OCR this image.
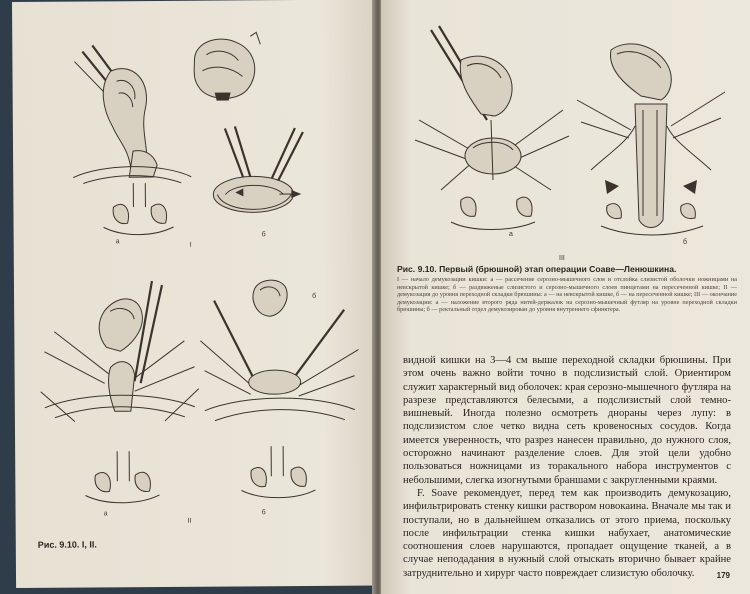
а
б
I
а
б
б
II
Рис. 9.10. I, II.
а
б
III
Рис. 9.10. Первый (брюшной) этап операции Соаве—Ленюшкина.
I — начало демукозации кишки: а — рассечение серозно-мышечного слоя и отслойка слизистой оболочки ножницами на невскрытой кишке; б — раздвиженые слизистого и серозно-мышечного слоев пинцетами на пересеченной кишке; II — демукозация до уровня переходной складки брюшины: а — на невскрытой кишке, б — на пересеченной кишке; III — окончание демукозации: а — наложение второго ряда нитей-держалок на серозно-мышечный футляр на уровне переходной складки брюшины; б — ректальный отдел демукозирован до уровня внутреннего сфинктера.

видной кишки на 3—4 см выше переходной складки брюшины. При этом очень важно войти точно в подслизистый слой. Ориентиром служит характерный вид оболочек: края серозно-мышечного футляра на разрезе представляются белесыми, а подслизистый слой темно-вишневый. Иногда полезно осмотреть днораны через лупу: в подслизистом слое четко видна сеть кровеносных сосудов. Когда имеется уверенность, что разрез нанесен правильно, до нужного слоя, осторожно начинают разделение слоев. Для этой цели удобно пользоваться ножницами из торакального набора инструментов с небольшими, слегка изогнутыми браншами с закругленными краями.

F. Soave рекомендует, перед тем как производить демукозацию, инфильтрировать стенку кишки раствором новокаина. Вначале мы так и поступали, но в дальнейшем отказались от этого приема, поскольку после инфильтрации стенка кишки набухает, анатомические соотношения слоев нарушаются, пропадает ощущение тканей, а в случае неподадания в нужный слой отыскать вторично бывает крайне затруднительно и хирург часто повреждает слизистую оболочку.	179
